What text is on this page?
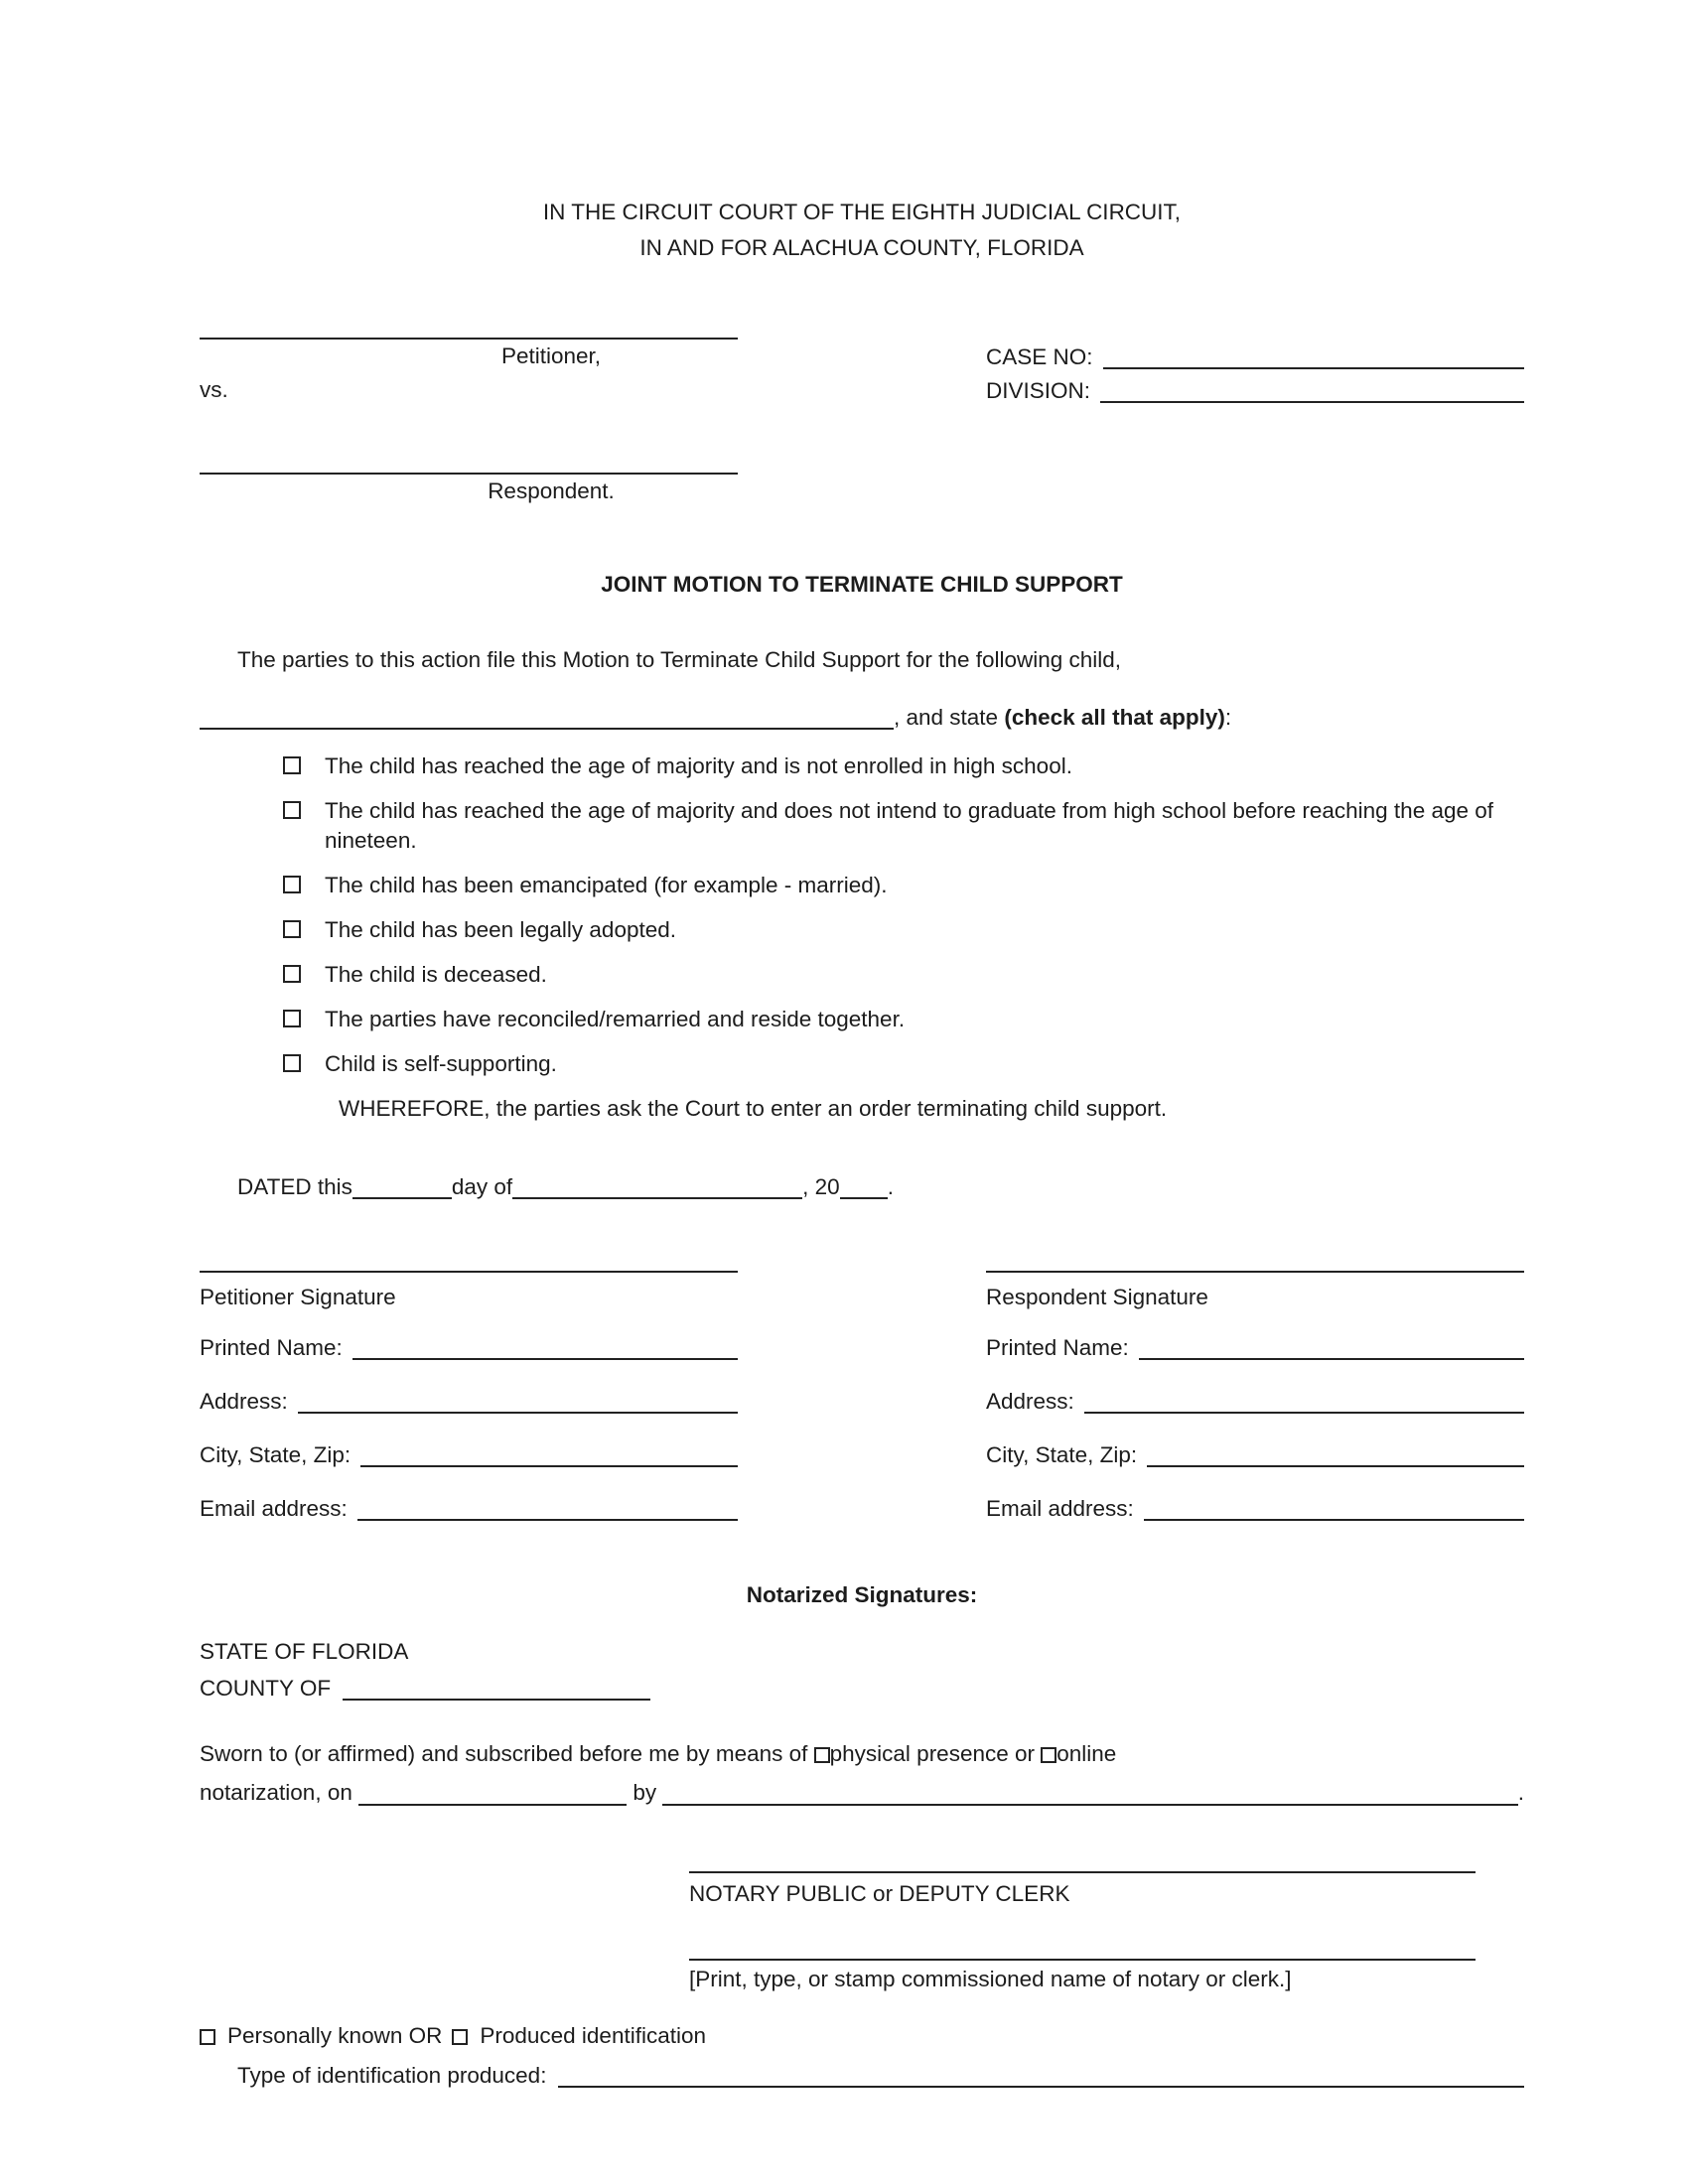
IN THE CIRCUIT COURT OF THE EIGHTH JUDICIAL CIRCUIT,
IN AND FOR ALACHUA COUNTY, FLORIDA
Petitioner,
vs.
CASE NO:
DIVISION:
Respondent.
JOINT MOTION TO TERMINATE CHILD SUPPORT
The parties to this action file this Motion to Terminate Child Support for the following child,
, and state (check all that apply) :
The child has reached the age of majority and is not enrolled in high school.
The child has reached the age of majority and does not intend to graduate from high school before reaching the age of nineteen.
The child has been emancipated (for example - married).
The child has been legally adopted.
The child is deceased.
The parties have reconciled/remarried and reside together.
Child is self-supporting.
WHEREFORE, the parties ask the Court to enter an order terminating child support.
DATED this	day of	, 20 .
Petitioner Signature
Printed Name:
Address:
City, State, Zip:
Email address:
Respondent Signature
Printed Name:
Address:
City, State, Zip:
Email address:
Notarized Signatures:
STATE OF FLORIDA
COUNTY OF
Sworn to (or affirmed) and subscribed before me by means of physical presence or online
notarization, on	by	.
NOTARY PUBLIC or DEPUTY CLERK
[Print, type, or stamp commissioned name of notary or clerk.]
Personally known OR Produced identification
Type of identification produced:
